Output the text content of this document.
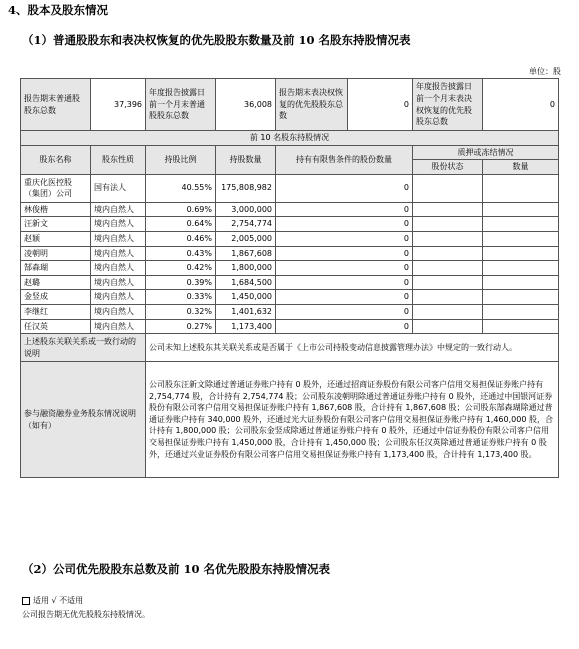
4、股本及股东情况
（1）普通股股东和表决权恢复的优先股股东数量及前 10 名股东持股情况表
单位：股
报告期末普通股股东总数	37,396	年度报告披露日前一个月末普通股股东总数	36,008	报告期末表决权恢复的优先股股东总数	0	年度报告披露日前一个月末表决权恢复的优先股股东总数	0
前 10 名股东持股情况							
股东名称	股东性质	持股比例	持股数量	持有有限售条件的股份数量		质押或冻结情况	
						股份状态	数量
重庆化医控股（集团）公司	国有法人	40.55%	175,808,982	0			
林俊楷	境内自然人	0.69%	3,000,000	0			
汪新文	境内自然人	0.64%	2,754,774	0			
赵颖	境内自然人	0.46%	2,005,000	0			
凌朝明	境内自然人	0.43%	1,867,608	0			
郜森瑚	境内自然人	0.42%	1,800,000	0			
赵璐	境内自然人	0.39%	1,684,500	0			
金竖成	境内自然人	0.33%	1,450,000	0			
李继红	境内自然人	0.32%	1,401,632	0			
任汉英	境内自然人	0.27%	1,173,400	0			
上述股东关联关系或一致行动的说明		公司未知上述股东其关联关系或是否属于《上市公司持股变动信息披露管理办法》中规定的一致行动人。					
参与融资融券业务股东情况说明（如有）		公司股东汪新文除通过普通证券账户持有 0 股外，还通过招商证券股份有限公司客户信用交易担保证券账户持有 2,754,774 股，合计持有 2,754,774 股；公司股东凌朝明除通过普通证券账户持有 0 股外，还通过中国银河证券股份有限公司客户信用交易担保证券账户持有 1,867,608 股，合计持有 1,867,608 股；公司股东郜森瑚除通过普通证券账户持有 340,000 股外，还通过光大证券股份有限公司客户信用交易担保证券账户持有 1,460,000 股，合计持有 1,800,000 股；公司股东金竖成除通过普通证券账户持有 0 股外，还通过中信证券股份有限公司客户信用交易担保证券账户持有 1,450,000 股，合计持有 1,450,000 股；公司股东任汉英除通过普通证券账户持有 0 股外，还通过兴业证券股份有限公司客户信用交易担保证券账户持有 1,173,400 股，合计持有 1,173,400 股。					
（2）公司优先股股东总数及前 10 名优先股股东持股情况表
适用 √ 不适用
公司报告期无优先股股东持股情况。
